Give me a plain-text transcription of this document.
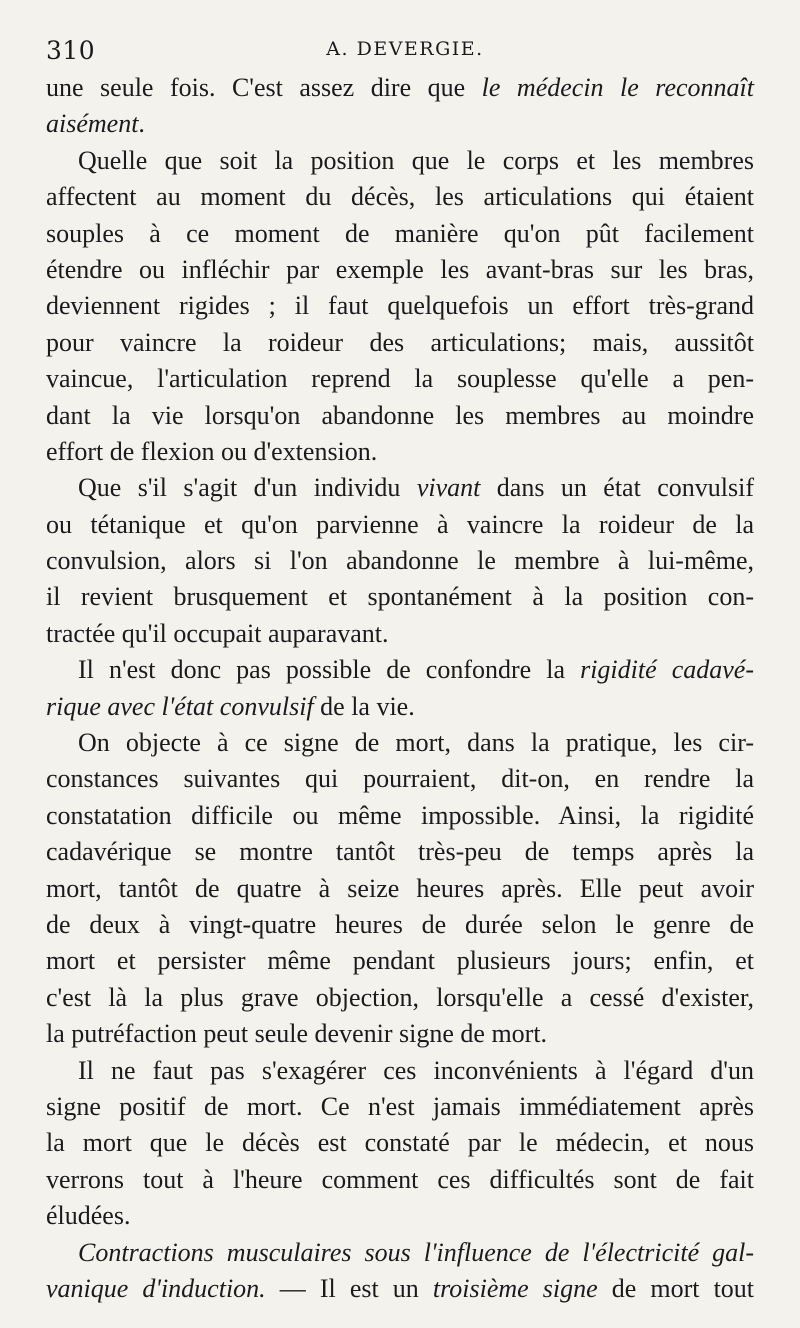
310	A. DEVERGIE.
une seule fois. C'est assez dire que le médecin le reconnaît
aisément.
Quelle que soit la position que le corps et les membres
affectent au moment du décès, les articulations qui étaient
souples à ce moment de manière qu'on pût facilement
étendre ou infléchir par exemple les avant-bras sur les bras,
deviennent rigides ; il faut quelquefois un effort très-grand
pour vaincre la roideur des articulations; mais, aussitôt
vaincue, l'articulation reprend la souplesse qu'elle a pen-
dant la vie lorsqu'on abandonne les membres au moindre
effort de flexion ou d'extension.
Que s'il s'agit d'un individu vivant dans un état convulsif
ou tétanique et qu'on parvienne à vaincre la roideur de la
convulsion, alors si l'on abandonne le membre à lui-même,
il revient brusquement et spontanément à la position con-
tractée qu'il occupait auparavant.
Il n'est donc pas possible de confondre la rigidité cadavé-
rique avec l'état convulsif de la vie.
On objecte à ce signe de mort, dans la pratique, les cir-
constances suivantes qui pourraient, dit-on, en rendre la
constatation difficile ou même impossible. Ainsi, la rigidité
cadavérique se montre tantôt très-peu de temps après la
mort, tantôt de quatre à seize heures après. Elle peut avoir
de deux à vingt-quatre heures de durée selon le genre de
mort et persister même pendant plusieurs jours; enfin, et
c'est là la plus grave objection, lorsqu'elle a cessé d'exister,
la putréfaction peut seule devenir signe de mort.
Il ne faut pas s'exagérer ces inconvénients à l'égard d'un
signe positif de mort. Ce n'est jamais immédiatement après
la mort que le décès est constaté par le médecin, et nous
verrons tout à l'heure comment ces difficultés sont de fait
éludées.
Contractions musculaires sous l'influence de l'électricité gal-
vanique d'induction. — Il est un troisième signe de mort tout
